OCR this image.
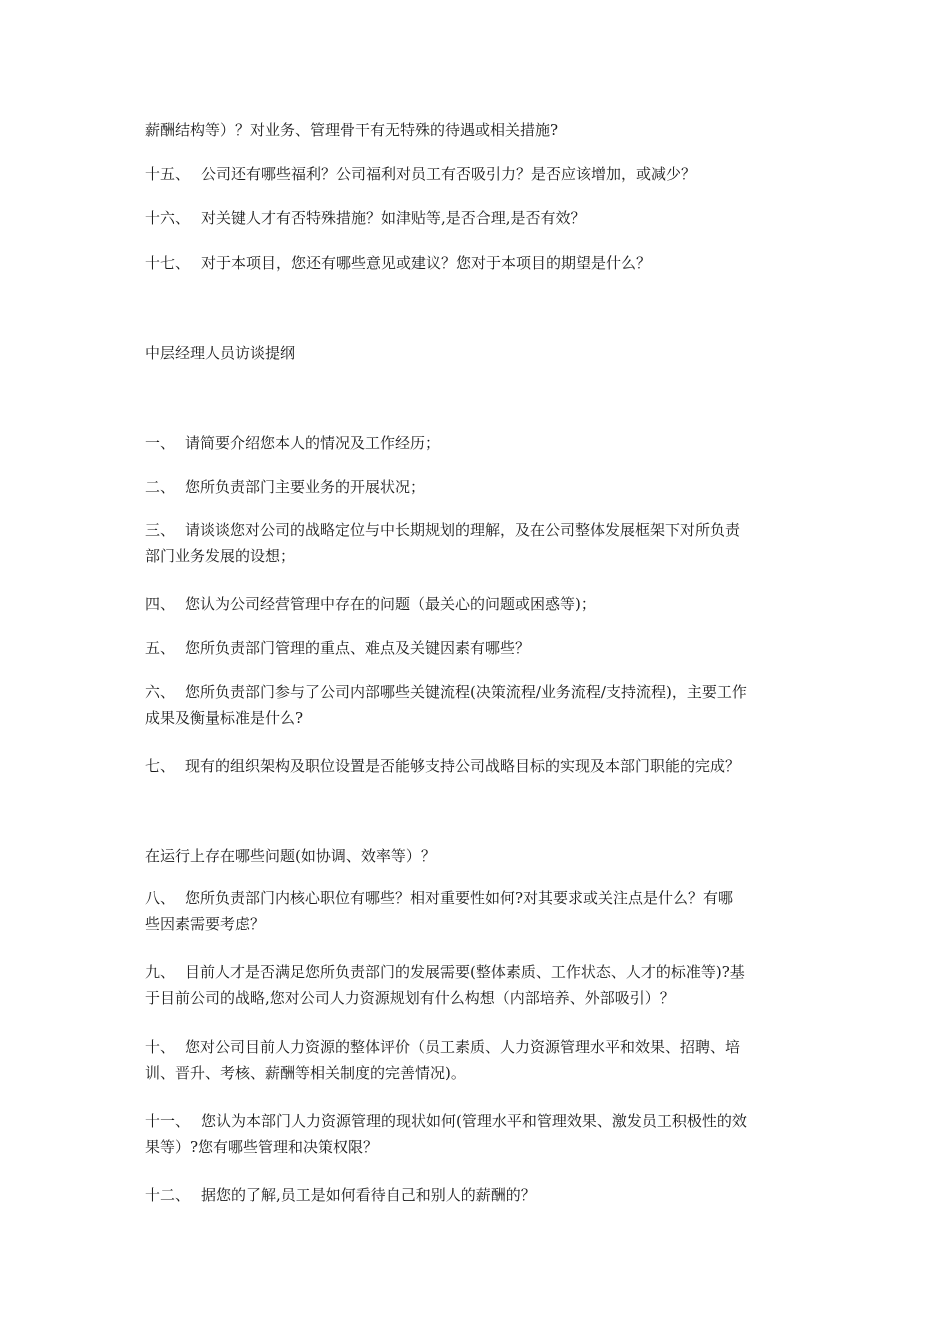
薪酬结构等）？对业务、管理骨干有无特殊的待遇或相关措施?
十五、 公司还有哪些福利？公司福利对员工有否吸引力？是否应该增加，或减少？
十六、 对关键人才有否特殊措施？如津贴等,是否合理,是否有效？
十七、 对于本项目，您还有哪些意见或建议？您对于本项目的期望是什么？
中层经理人员访谈提纲
一、 请简要介绍您本人的情况及工作经历；
二、 您所负责部门主要业务的开展状况；
三、 请谈谈您对公司的战略定位与中长期规划的理解，及在公司整体发展框架下对所负责
部门业务发展的设想；
四、 您认为公司经营管理中存在的问题（最关心的问题或困惑等)；
五、 您所负责部门管理的重点、难点及关键因素有哪些？
六、 您所负责部门参与了公司内部哪些关键流程(决策流程/业务流程/支持流程)，主要工作
成果及衡量标准是什么?
七、 现有的组织架构及职位设置是否能够支持公司战略目标的实现及本部门职能的完成？
在运行上存在哪些问题(如协调、效率等）？
八、 您所负责部门内核心职位有哪些？相对重要性如何?对其要求或关注点是什么？有哪
些因素需要考虑？
九、 目前人才是否满足您所负责部门的发展需要(整体素质、工作状态、人才的标准等)?基
于目前公司的战略,您对公司人力资源规划有什么构想（内部培养、外部吸引）？
十、 您对公司目前人力资源的整体评价（员工素质、人力资源管理水平和效果、招聘、培
训、晋升、考核、薪酬等相关制度的完善情况)。
十一、 您认为本部门人力资源管理的现状如何(管理水平和管理效果、激发员工积极性的效
果等）?您有哪些管理和决策权限？
十二、 据您的了解,员工是如何看待自己和别人的薪酬的？
